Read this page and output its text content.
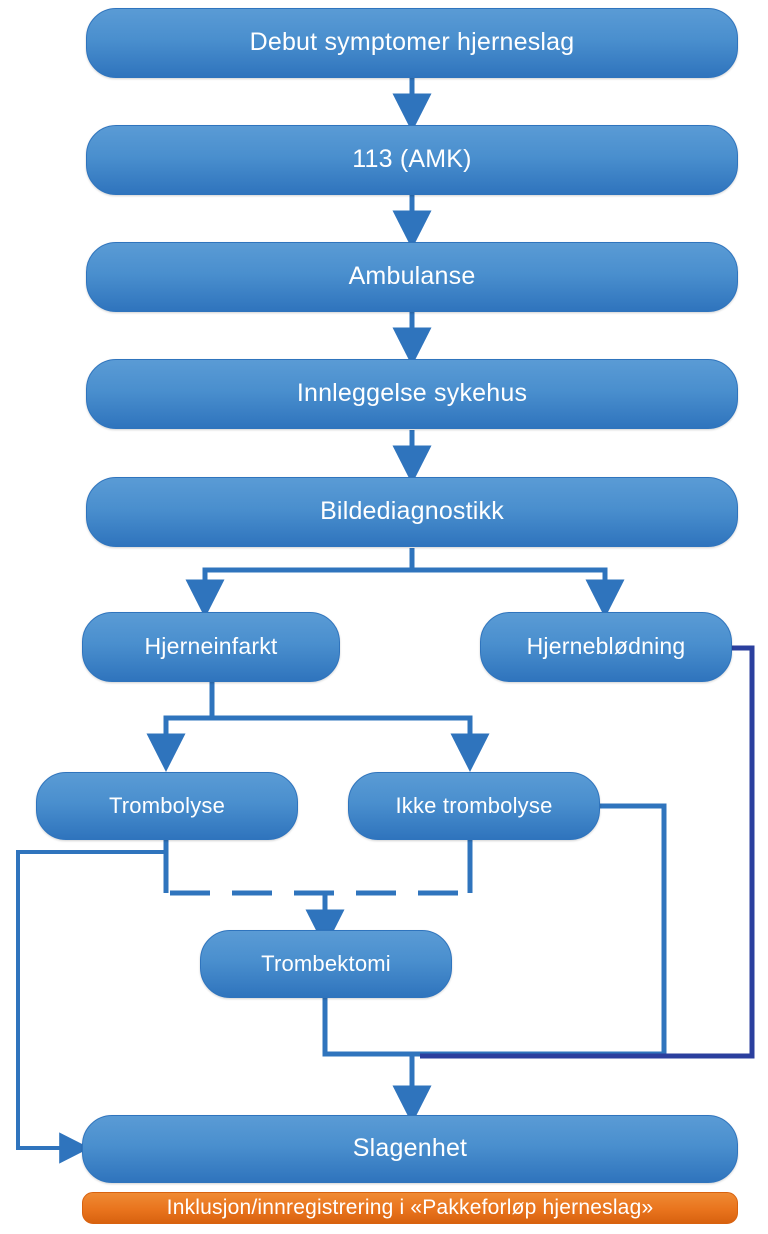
Debut symptomer hjerneslag
113 (AMK)
Ambulanse
Innleggelse sykehus
Bildediagnostikk
Hjerneinfarkt	Hjerneblødning
Trombolyse	Ikke trombolyse
Trombektomi
Slagenhet
Inklusjon/innregistrering i «Pakkeforløp hjerneslag»
